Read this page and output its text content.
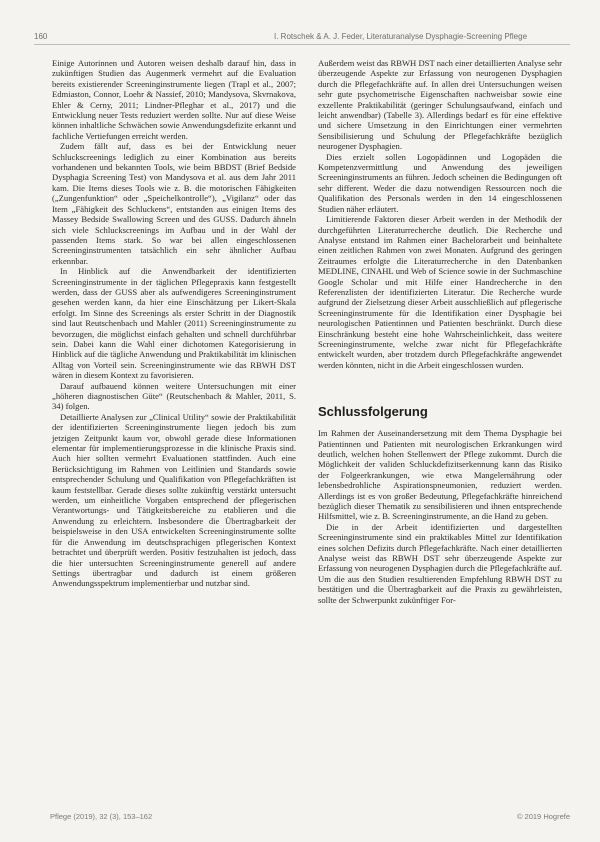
160	I. Rotschek & A. J. Feder, Literaturanalyse Dysphagie-Screening Pflege

Einige Autorinnen und Autoren weisen deshalb darauf hin, dass in zukünftigen Studien das Augenmerk vermehrt auf die Evaluation bereits existierender Screeninginstrumente liegen (Trapl et al., 2007; Edmiaston, Connor, Loehr & Nassief, 2010; Mandysova, Skvrnakova, Ehler & Cerny, 2011; Lindner-Pfleghar et al., 2017) und die Entwicklung neuer Tests reduziert werden sollte. Nur auf diese Weise können inhaltliche Schwächen sowie Anwendungsdefizite erkannt und fachliche Vertiefungen erreicht werden.

Zudem fällt auf, dass es bei der Entwicklung neuer Schluckscreenings lediglich zu einer Kombination aus bereits vorhandenen und bekannten Tools, wie beim BBDST (Brief Bedside Dysphagia Screening Test) von Mandysova et al. aus dem Jahr 2011 kam. Die Items dieses Tools wie z. B. die motorischen Fähigkeiten („Zungenfunktion“ oder „Speichelkontrolle“), „Vigilanz“ oder das Item „Fähigkeit des Schluckens“, entstanden aus einigen Items des Massey Bedside Swallowing Screen und des GUSS. Dadurch ähneln sich viele Schluckscreenings im Aufbau und in der Wahl der passenden Items stark. So war bei allen eingeschlossenen Screeninginstrumenten tatsächlich ein sehr ähnlicher Aufbau erkennbar.

In Hinblick auf die Anwendbarkeit der identifizierten Screeninginstrumente in der täglichen Pflegepraxis kann festgestellt werden, dass der GUSS aber als aufwendigeres Screeninginstrument gesehen werden kann, da hier eine Einschätzung per Likert-Skala erfolgt. Im Sinne des Screenings als erster Schritt in der Diagnostik sind laut Reutschenbach und Mahler (2011) Screeninginstrumente zu bevorzugen, die möglichst einfach gehalten und schnell durchführbar sein. Dabei kann die Wahl einer dichotomen Kategorisierung in Hinblick auf die tägliche Anwendung und Praktikabilität im klinischen Alltag von Vorteil sein. Screeninginstrumente wie das RBWH DST wären in diesem Kontext zu favorisieren.

Darauf aufbauend können weitere Untersuchungen mit einer „höheren diagnostischen Güte“ (Reutschenbach & Mahler, 2011, S. 34) folgen.

Detaillierte Analysen zur „Clinical Utility“ sowie der Praktikabilität der identifizierten Screeninginstrumente liegen jedoch bis zum jetzigen Zeitpunkt kaum vor, obwohl gerade diese Informationen elementar für implementierungsprozesse in die klinische Praxis sind. Auch hier sollten vermehrt Evaluationen stattfinden. Auch eine Berücksichtigung im Rahmen von Leitlinien und Standards sowie entsprechender Schulung und Qualifikation von Pflegefachkräften ist kaum feststellbar. Gerade dieses sollte zukünftig verstärkt untersucht werden, um einheitliche Vorgaben entsprechend der pflegerischen Verantwortungs- und Tätigkeitsbereiche zu etablieren und die Anwendung zu erleichtern. Insbesondere die Übertragbarkeit der beispielsweise in den USA entwickelten Screeninginstrumente sollte für die Anwendung im deutschsprachigen pflegerischen Kontext betrachtet und überprüft werden. Positiv festzuhalten ist jedoch, dass die hier untersuchten Screeninginstrumente generell auf andere Settings übertragbar und dadurch ist einem größeren Anwendungsspektrum implementierbar und nutzbar sind.

Außerdem weist das RBWH DST nach einer detaillierten Analyse sehr überzeugende Aspekte zur Erfassung von neurogenen Dysphagien durch die Pflegefachkräfte auf. In allen drei Untersuchungen weisen sehr gute psychometrische Eigenschaften nachweisbar sowie eine exzellente Praktikabilität (geringer Schulungsaufwand, einfach und leicht anwendbar) (Tabelle 3). Allerdings bedarf es für eine effektive und sichere Umsetzung in den Einrichtungen einer vermehrten Sensibilisierung und Schulung der Pflegefachkräfte bezüglich neurogener Dysphagien.

Dies erzielt sollen Logopädinnen und Logopäden die Kompetenzvermittlung und Anwendung des jeweiligen Screeninginstruments an führen. Jedoch scheinen die Bedingungen oft sehr different. Weder die dazu notwendigen Ressourcen noch die Qualifikation des Personals werden in den 14 eingeschlossenen Studien näher erläutert.

Limitierende Faktoren dieser Arbeit werden in der Methodik der durchgeführten Literaturrecherche deutlich. Die Recherche und Analyse entstand im Rahmen einer Bachelorarbeit und beinhaltete einen zeitlichen Rahmen von zwei Monaten. Aufgrund des geringen Zeitraumes erfolgte die Literaturrecherche in den Datenbanken MEDLINE, CINAHL und Web of Science sowie in der Suchmaschine Google Scholar und mit Hilfe einer Handrecherche in den Referenzlisten der identifizierten Literatur. Die Recherche wurde aufgrund der Zielsetzung dieser Arbeit ausschließlich auf pflegerische Screeninginstrumente für die Identifikation einer Dysphagie bei neurologischen Patientinnen und Patienten beschränkt. Durch diese Einschränkung besteht eine hohe Wahrscheinlichkeit, dass weitere Screeninginstrumente, welche zwar nicht für Pflegefachkräfte entwickelt wurden, aber trotzdem durch Pflegefachkräfte angewendet werden könnten, nicht in die Arbeit eingeschlossen wurden.

Schlussfolgerung

Im Rahmen der Auseinandersetzung mit dem Thema Dysphagie bei Patientinnen und Patienten mit neurologischen Erkrankungen wird deutlich, welchen hohen Stellenwert der Pflege zukommt. Durch die Möglichkeit der validen Schluckdefizitserkennung kann das Risiko der Folgeerkrankungen, wie etwa Mangelernährung oder lebensbedrohliche Aspirationspneumonien, reduziert werden. Allerdings ist es von großer Bedeutung, Pflegefachkräfte hinreichend bezüglich dieser Thematik zu sensibilisieren und ihnen entsprechende Hilfsmittel, wie z. B. Screeninginstrumente, an die Hand zu geben.

Die in der Arbeit identifizierten und dargestellten Screeninginstrumente sind ein praktikables Mittel zur Identifikation eines solchen Defizits durch Pflegefachkräfte. Nach einer detaillierten Analyse weist das RBWH DST sehr überzeugende Aspekte zur Erfassung von neurogenen Dysphagien durch die Pflegefachkräfte auf. Um die aus den Studien resultierenden Empfehlung RBWH DST zu bestätigen und die Übertragbarkeit auf die Praxis zu gewährleisten, sollte der Schwerpunkt zukünftiger For-

Pflege (2019), 32 (3), 153–162	© 2019 Hogrefe
